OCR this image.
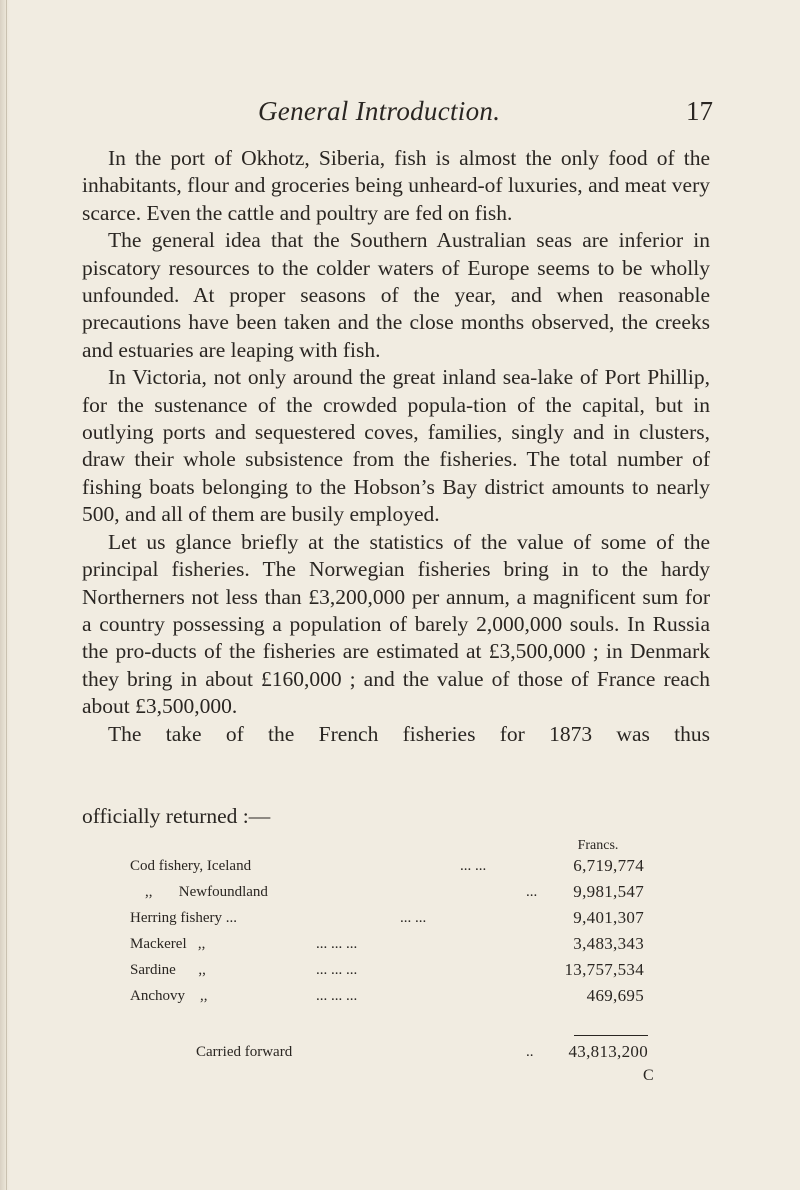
General Introduction.	17

In the port of Okhotz, Siberia, fish is almost the only food of the inhabitants, flour and groceries being unheard-of luxuries, and meat very scarce. Even the cattle and poultry are fed on fish.

The general idea that the Southern Australian seas are inferior in piscatory resources to the colder waters of Europe seems to be wholly unfounded. At proper seasons of the year, and when reasonable precautions have been taken and the close months observed, the creeks and estuaries are leaping with fish.

In Victoria, not only around the great inland sea-lake of Port Phillip, for the sustenance of the crowded popula-tion of the capital, but in outlying ports and sequestered coves, families, singly and in clusters, draw their whole subsistence from the fisheries. The total number of fishing boats belonging to the Hobson’s Bay district amounts to nearly 500, and all of them are busily employed.

Let us glance briefly at the statistics of the value of some of the principal fisheries. The Norwegian fisheries bring in to the hardy Northerners not less than £3,200,000 per annum, a magnificent sum for a country possessing a population of barely 2,000,000 souls. In Russia the pro-ducts of the fisheries are estimated at £3,500,000 ; in Denmark they bring in about £160,000 ; and the value of those of France reach about £3,500,000.

The take of the French fisheries for 1873 was thus

officially returned :—
Francs.
Cod fishery, Iceland	... ...	6,719,774
,,       Newfoundland	...	9,981,547
Herring fishery ...	... ...	9,401,307
Mackerel   ,,	... ... ...	3,483,343
Sardine      ,,	... ... ...	13,757,534
Anchovy    ,,	... ... ...	469,695
Carried forward	..	43,813,200
C
